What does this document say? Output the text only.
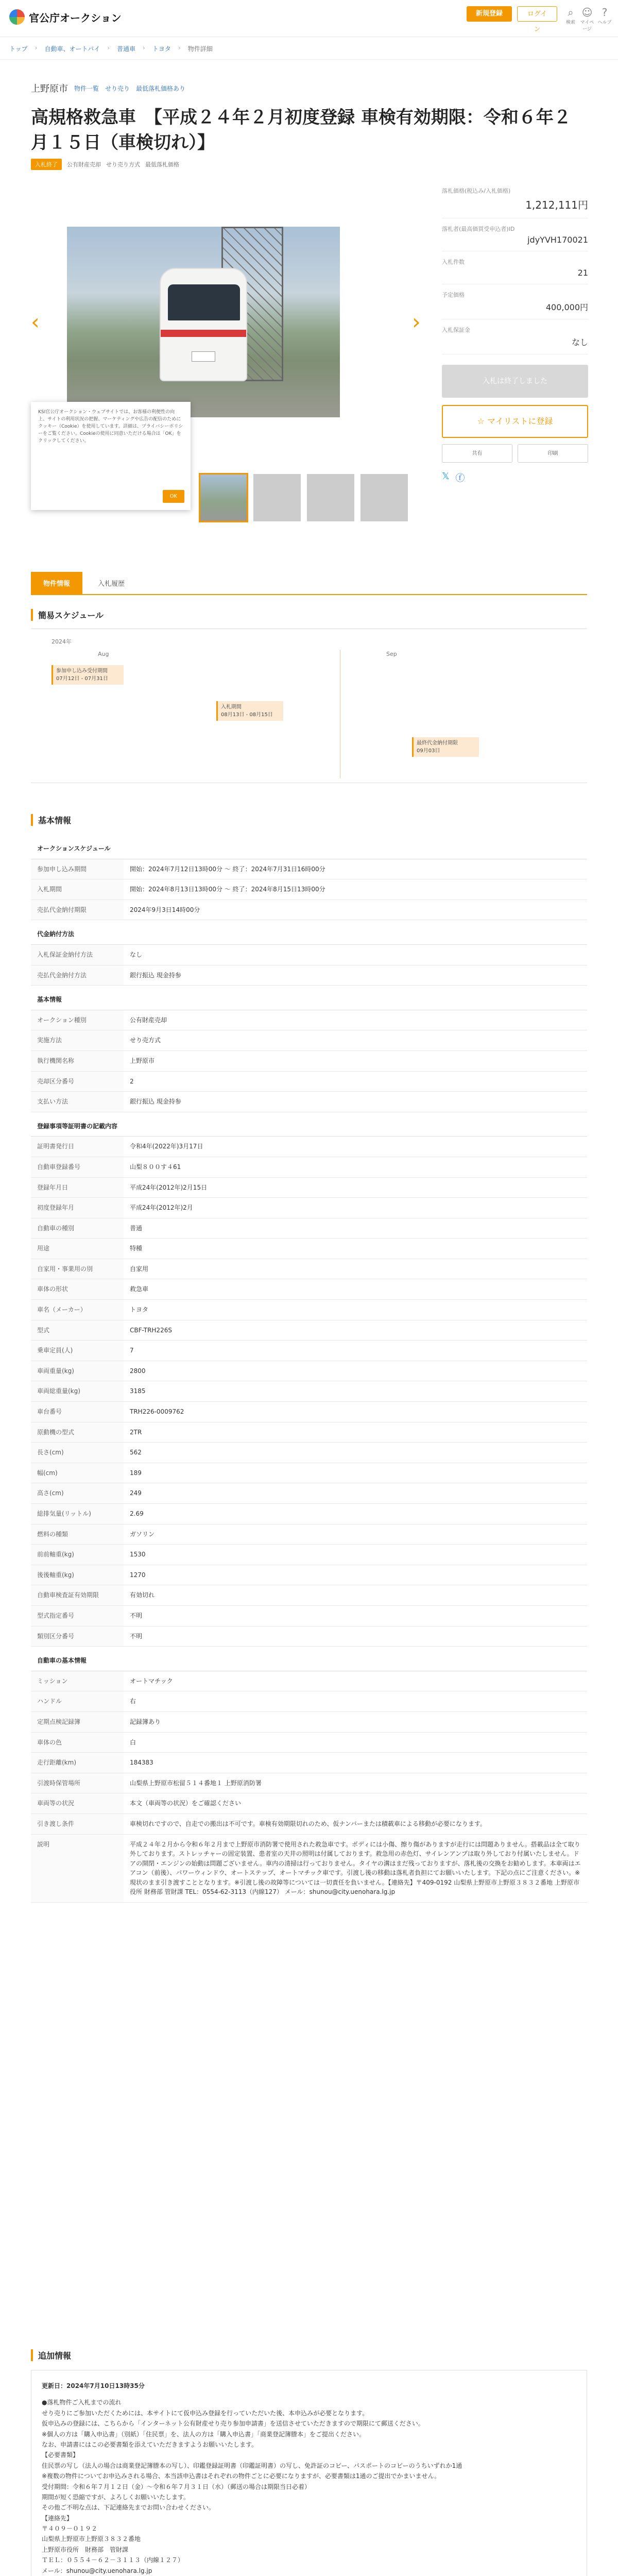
官公庁オークション	新規登録	ログイン
⌕
検索
☺
マイページ
?
ヘルプ
トップ › 自動車、オートバイ › 普通車 › トヨタ › 物件詳細
上野原市 物件一覧 せり売り 最低落札価格あり
高規格救急車　【平成２４年２月初度登録 車検有効期限：令和６年２月１５日（車検切れ）】
入札終了	公有財産売却 せり売り方式 最低落札価格
‹	›
KSI官公庁オークション・ウェブサイトでは、お客様の利便性の向上、サイトの利用状況の把握、マーケティングや広告の配信のためにクッキー（Cookie）を使用しています。詳細は、プライバシーポリシーをご覧ください。Cookieの使用に同意いただける場合は「OK」をクリックしてください。
OK
落札価格(税込み/入札価格)
1,212,111円
落札者(最高価買受申込者)ID
jdyYVH170021
入札件数
21
予定価格
400,000円
入札保証金
なし
入札は終了しました
☆ マイリストに登録
共有	印刷
𝕏 ⓕ
物件情報	入札履歴
簡易スケジュール
2024年
Aug	Sep
参加申し込み受付期間
07月12日 - 07月31日
入札期間
08月13日 - 08月15日
最終代金納付期限
09月03日
基本情報
オークションスケジュール	
参加申し込み期間	開始：2024年7月12日13時00分 ～ 終了：2024年7月31日16時00分
入札期間	開始：2024年8月13日13時00分 ～ 終了：2024年8月15日13時00分
売払代金納付期限	2024年9月3日14時00分
代金納付方法	
入札保証金納付方法	なし
売払代金納付方法	銀行振込 現金持参
基本情報	
オークション種別	公有財産売却
実施方法	せり売方式
執行機関名称	上野原市
売却区分番号	2
支払い方法	銀行振込 現金持参
登録事項等証明書の記載内容	
証明書発行日	令和4年(2022年)3月17日
自動車登録番号	山梨８００す４61
登録年月日	平成24年(2012年)2月15日
初度登録年月	平成24年(2012年)2月
自動車の種別	普通
用途	特種
自家用・事業用の別	自家用
車体の形状	救急車
車名（メーカー）	トヨタ
型式	CBF-TRH226S
乗車定員(人)	7
車両重量(kg)	2800
車両総重量(kg)	3185
車台番号	TRH226-0009762
原動機の型式	2TR
長さ(cm)	562
幅(cm)	189
高さ(cm)	249
総排気量(リットル)	2.69
燃料の種類	ガソリン
前前軸重(kg)	1530
後後軸重(kg)	1270
自動車検査証有効期限	有効切れ
型式指定番号	不明
類別区分番号	不明
自動車の基本情報	
ミッション	オートマチック
ハンドル	右
定期点検記録簿	記録簿あり
車体の色	白
走行距離(km)	184383
引渡時保管場所	山梨県上野原市松留５１４番地１ 上野原消防署
車両等の状況	本文（車両等の状況）をご確認ください
引き渡し条件	車検切れですので、自走での搬出は不可です。車検有効期限切れのため、仮ナンバーまたは積載車による移動が必要になります。
説明	平成２４年２月から令和６年２月まで上野原市消防署で使用された救急車です。ボディには小傷、擦り傷がありますが走行には問題ありません。搭載品は全て取り外しております。ストレッチャーの固定装置、患者室の天井の照明は付属しております。救急用の赤色灯、サイレンアンプは取り外しており付属いたしません。ドアの開閉・エンジンの始動は問題ございません。車内の清掃は行っておりません。タイヤの溝はまだ残っておりますが、落札後の交換をお勧めします。本車両はエアコン（前後）、パワーウィンドウ、オートステップ、オートマチック車です。引渡し後の移動は落札者負担にてお願いいたします。下記の点にご注意ください。※現状のまま引き渡すこととなります。※引渡し後の故障等については一切責任を負いません。【連絡先】〒409-0192 山梨県上野原市上野原３８３２番地 上野原市役所 財務部 管財課 TEL：0554-62-3113（内線127） メール：shunou@city.uenohara.lg.jp
追加情報
更新日：2024年7月10日13時35分
●落札物件ご入札までの流れ
せり売りにご参加いただくためには、本サイトにて仮申込み登録を行っていただいた後、本申込みが必要となります。
仮申込みの登録には、こちらから「インターネット公有財産せり売り参加申請書」を送信させていただきますので期限にて郵送ください。
※個人の方は「購入申込書」（別紙）「住民票」を、法人の方は「購入申込書」「商業登記簿謄本」をご提出ください。
なお、申請書にはこの必要書類を添えていただきますようお願いいたします。
【必要書類】
住民票の写し（法人の場合は商業登記簿謄本の写し）、印鑑登録証明書（印鑑証明書）の写し、免許証のコピー、パスポートのコピーのうちいずれか1通
※複数の物件についてお申込みされる場合、本当該申込書はそれぞれの物件ごとに必要になりますが、必要書類は1通のご提出でかまいません。
受付期間：令和６年７月１２日（金）～令和６年７月３１日（水）（郵送の場合は期限当日必着）
期間が短く恐縮ですが、よろしくお願いいたします。
その他ご不明な点は、下記連絡先までお問い合わせください。
【連絡先】
〒４０９－０１９２
山梨県上野原市上野原３８３２番地
上野原市役所　財務部　管財課
ＴＥＬ：０５５４－６２－３１１３（内線１２７）
メール：shunou@city.uenohara.lg.jp
